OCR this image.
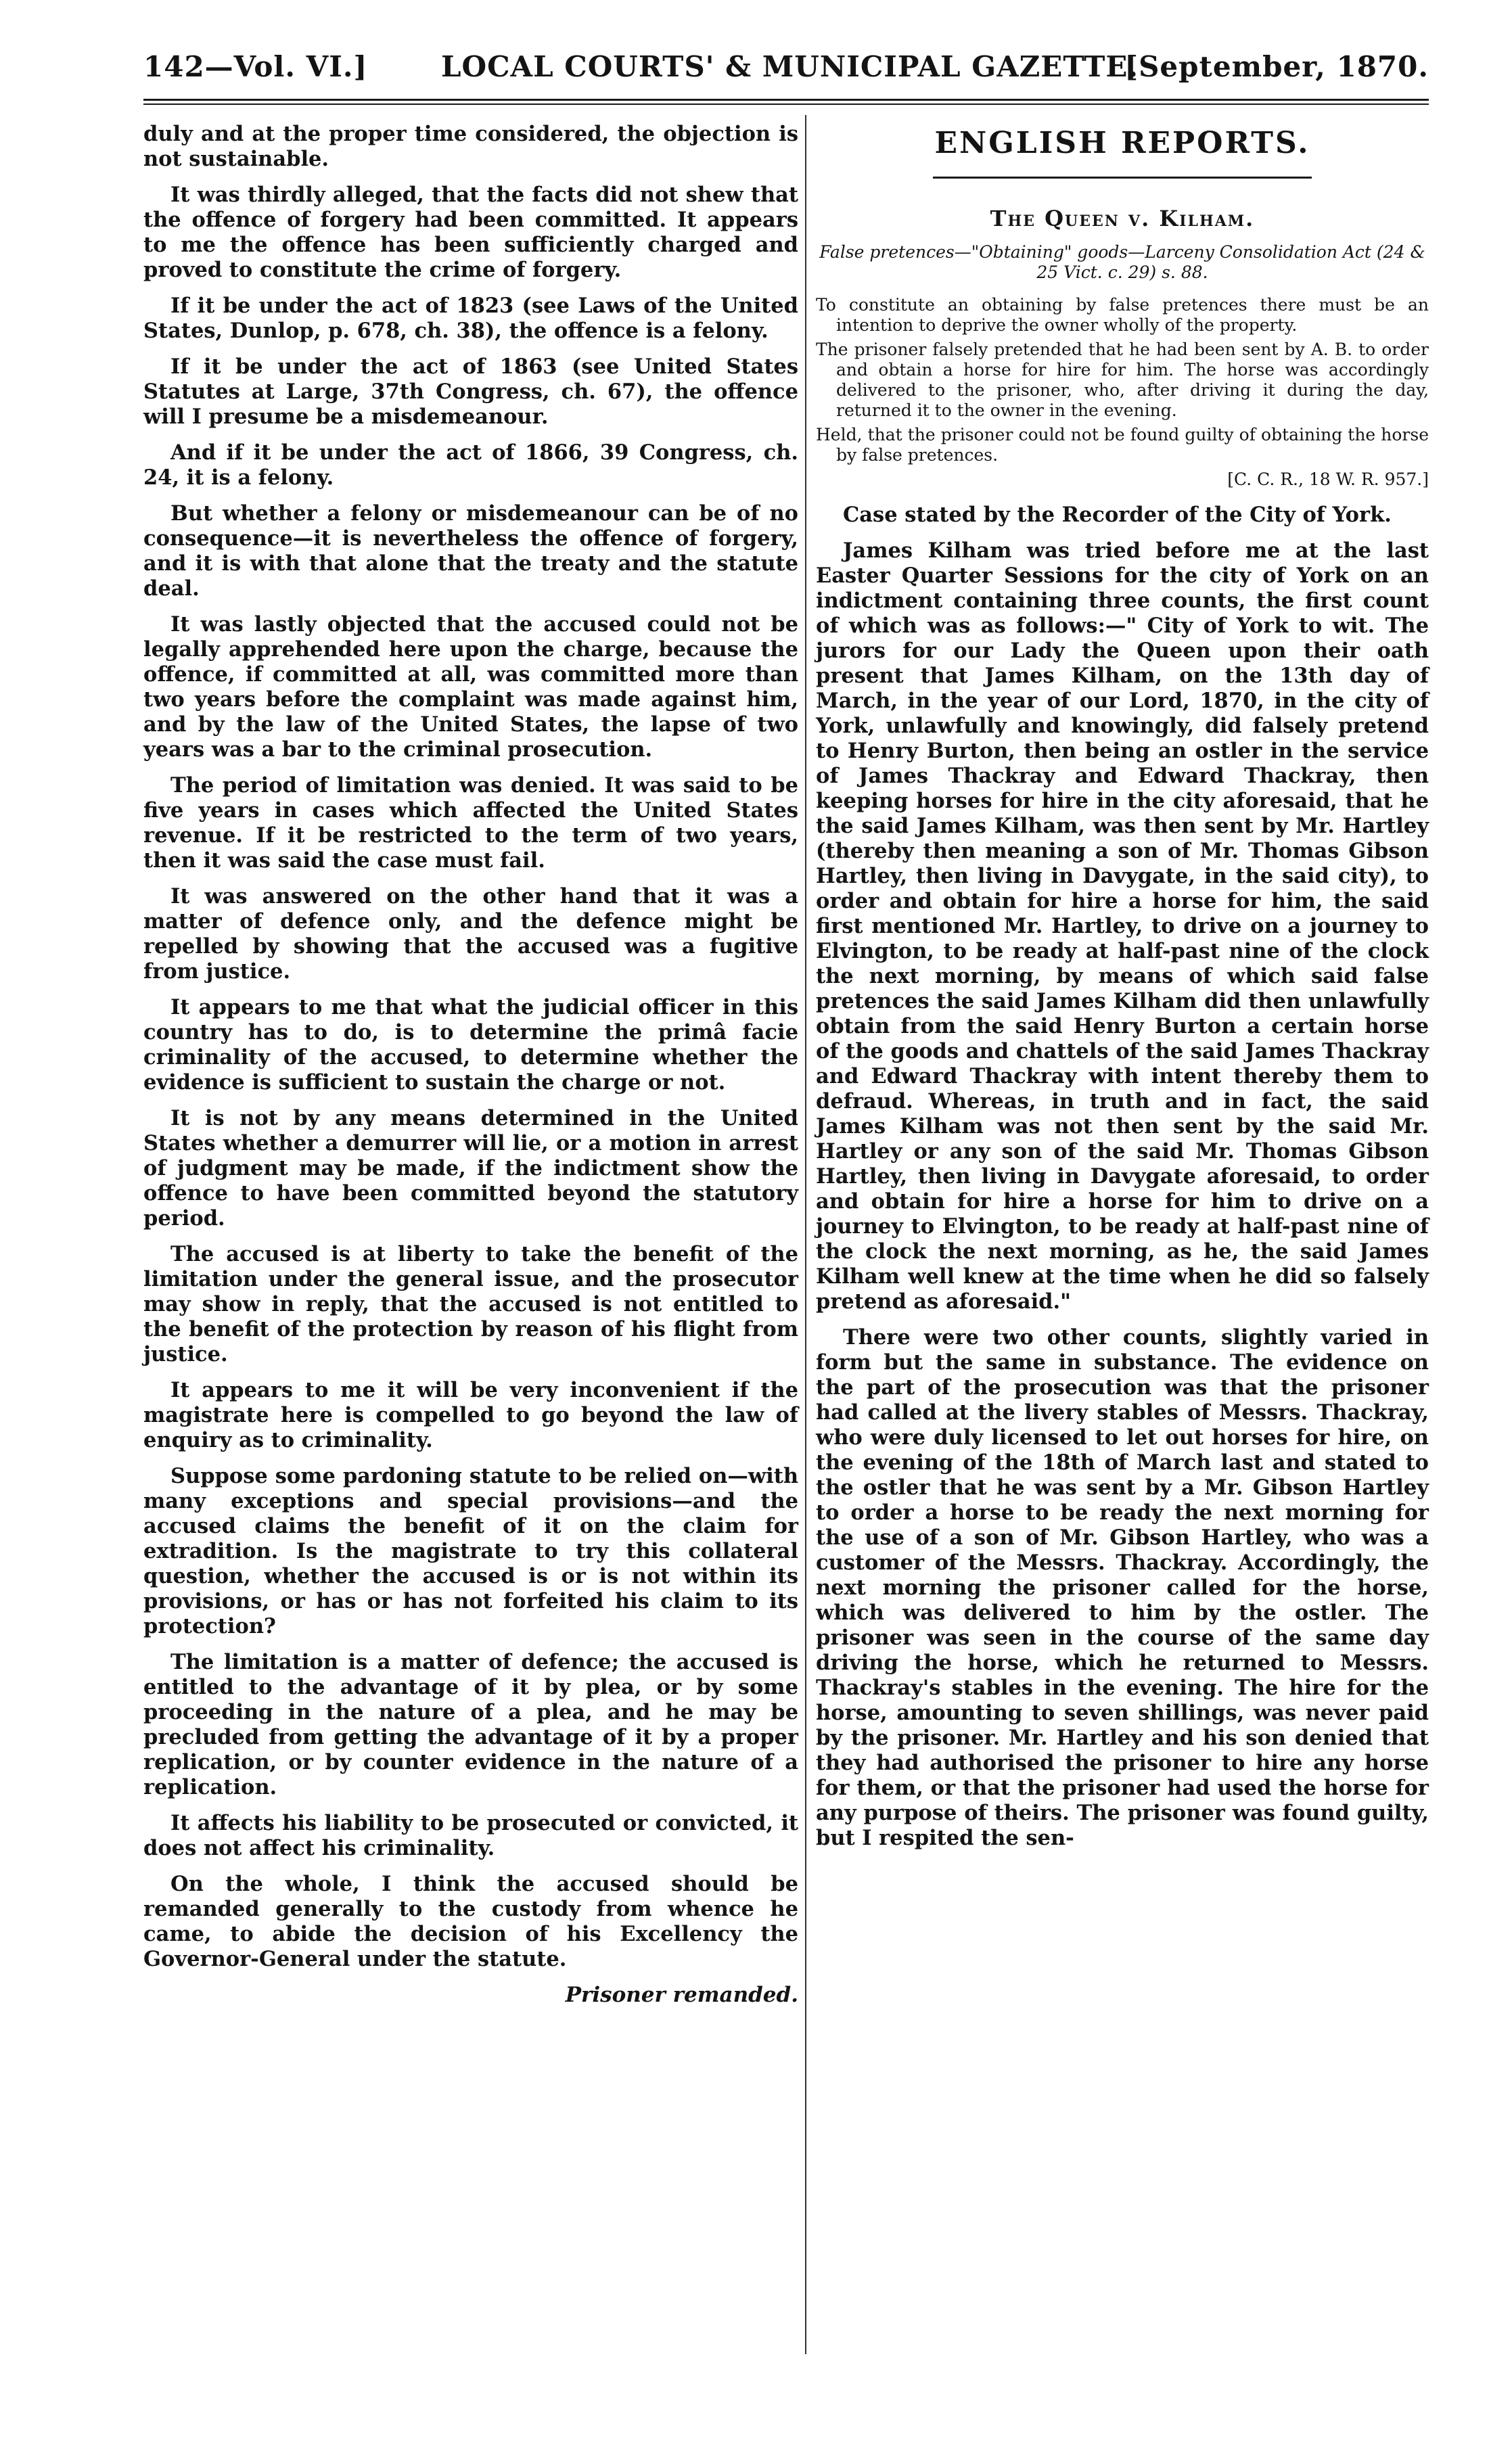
142—Vol. VI.]	LOCAL COURTS' & MUNICIPAL GAZETTE.
[September, 1870.

duly and at the proper time considered, the objection is not sustainable.

It was thirdly alleged, that the facts did not shew that the offence of forgery had been committed. It appears to me the offence has been sufficiently charged and proved to constitute the crime of forgery.

If it be under the act of 1823 (see Laws of the United States, Dunlop, p. 678, ch. 38), the offence is a felony.

If it be under the act of 1863 (see United States Statutes at Large, 37th Congress, ch. 67), the offence will I presume be a misdemeanour.

And if it be under the act of 1866, 39 Congress, ch. 24, it is a felony.

But whether a felony or misdemeanour can be of no consequence—it is nevertheless the offence of forgery, and it is with that alone that the treaty and the statute deal.

It was lastly objected that the accused could not be legally apprehended here upon the charge, because the offence, if committed at all, was committed more than two years before the complaint was made against him, and by the law of the United States, the lapse of two years was a bar to the criminal prosecution.

The period of limitation was denied. It was said to be five years in cases which affected the United States revenue. If it be restricted to the term of two years, then it was said the case must fail.

It was answered on the other hand that it was a matter of defence only, and the defence might be repelled by showing that the accused was a fugitive from justice.

It appears to me that what the judicial officer in this country has to do, is to determine the primâ facie criminality of the accused, to determine whether the evidence is sufficient to sustain the charge or not.

It is not by any means determined in the United States whether a demurrer will lie, or a motion in arrest of judgment may be made, if the indictment show the offence to have been committed beyond the statutory period.

The accused is at liberty to take the benefit of the limitation under the general issue, and the prosecutor may show in reply, that the accused is not entitled to the benefit of the protection by reason of his flight from justice.

It appears to me it will be very inconvenient if the magistrate here is compelled to go beyond the law of enquiry as to criminality.

Suppose some pardoning statute to be relied on—with many exceptions and special provisions—and the accused claims the benefit of it on the claim for extradition. Is the magistrate to try this collateral question, whether the accused is or is not within its provisions, or has or has not forfeited his claim to its protection?

The limitation is a matter of defence; the accused is entitled to the advantage of it by plea, or by some proceeding in the nature of a plea, and he may be precluded from getting the advantage of it by a proper replication, or by counter evidence in the nature of a replication.

It affects his liability to be prosecuted or convicted, it does not affect his criminality.

On the whole, I think the accused should be remanded generally to the custody from whence he came, to abide the decision of his Excellency the Governor-General under the statute.

Prisoner remanded.

ENGLISH REPORTS.
The Queen v. Kilham.

False pretences—"Obtaining" goods—Larceny Consolidation Act (24 & 25 Vict. c. 29) s. 88.

To constitute an obtaining by false pretences there must be an intention to deprive the owner wholly of the property.

The prisoner falsely pretended that he had been sent by A. B. to order and obtain a horse for hire for him. The horse was accordingly delivered to the prisoner, who, after driving it during the day, returned it to the owner in the evening.

Held, that the prisoner could not be found guilty of obtaining the horse by false pretences.

[C. C. R., 18 W. R. 957.]

Case stated by the Recorder of the City of York.

James Kilham was tried before me at the last Easter Quarter Sessions for the city of York on an indictment containing three counts, the first count of which was as follows:—" City of York to wit. The jurors for our Lady the Queen upon their oath present that James Kilham, on the 13th day of March, in the year of our Lord, 1870, in the city of York, unlawfully and knowingly, did falsely pretend to Henry Burton, then being an ostler in the service of James Thackray and Edward Thackray, then keeping horses for hire in the city aforesaid, that he the said James Kilham, was then sent by Mr. Hartley (thereby then meaning a son of Mr. Thomas Gibson Hartley, then living in Davygate, in the said city), to order and obtain for hire a horse for him, the said first mentioned Mr. Hartley, to drive on a journey to Elvington, to be ready at half-past nine of the clock the next morning, by means of which said false pretences the said James Kilham did then unlawfully obtain from the said Henry Burton a certain horse of the goods and chattels of the said James Thackray and Edward Thackray with intent thereby them to defraud. Whereas, in truth and in fact, the said James Kilham was not then sent by the said Mr. Hartley or any son of the said Mr. Thomas Gibson Hartley, then living in Davygate aforesaid, to order and obtain for hire a horse for him to drive on a journey to Elvington, to be ready at half-past nine of the clock the next morning, as he, the said James Kilham well knew at the time when he did so falsely pretend as aforesaid."

There were two other counts, slightly varied in form but the same in substance. The evidence on the part of the prosecution was that the prisoner had called at the livery stables of Messrs. Thackray, who were duly licensed to let out horses for hire, on the evening of the 18th of March last and stated to the ostler that he was sent by a Mr. Gibson Hartley to order a horse to be ready the next morning for the use of a son of Mr. Gibson Hartley, who was a customer of the Messrs. Thackray. Accordingly, the next morning the prisoner called for the horse, which was delivered to him by the ostler. The prisoner was seen in the course of the same day driving the horse, which he returned to Messrs. Thackray's stables in the evening. The hire for the horse, amounting to seven shillings, was never paid by the prisoner. Mr. Hartley and his son denied that they had authorised the prisoner to hire any horse for them, or that the prisoner had used the horse for any purpose of theirs. The prisoner was found guilty, but I respited the sen-
